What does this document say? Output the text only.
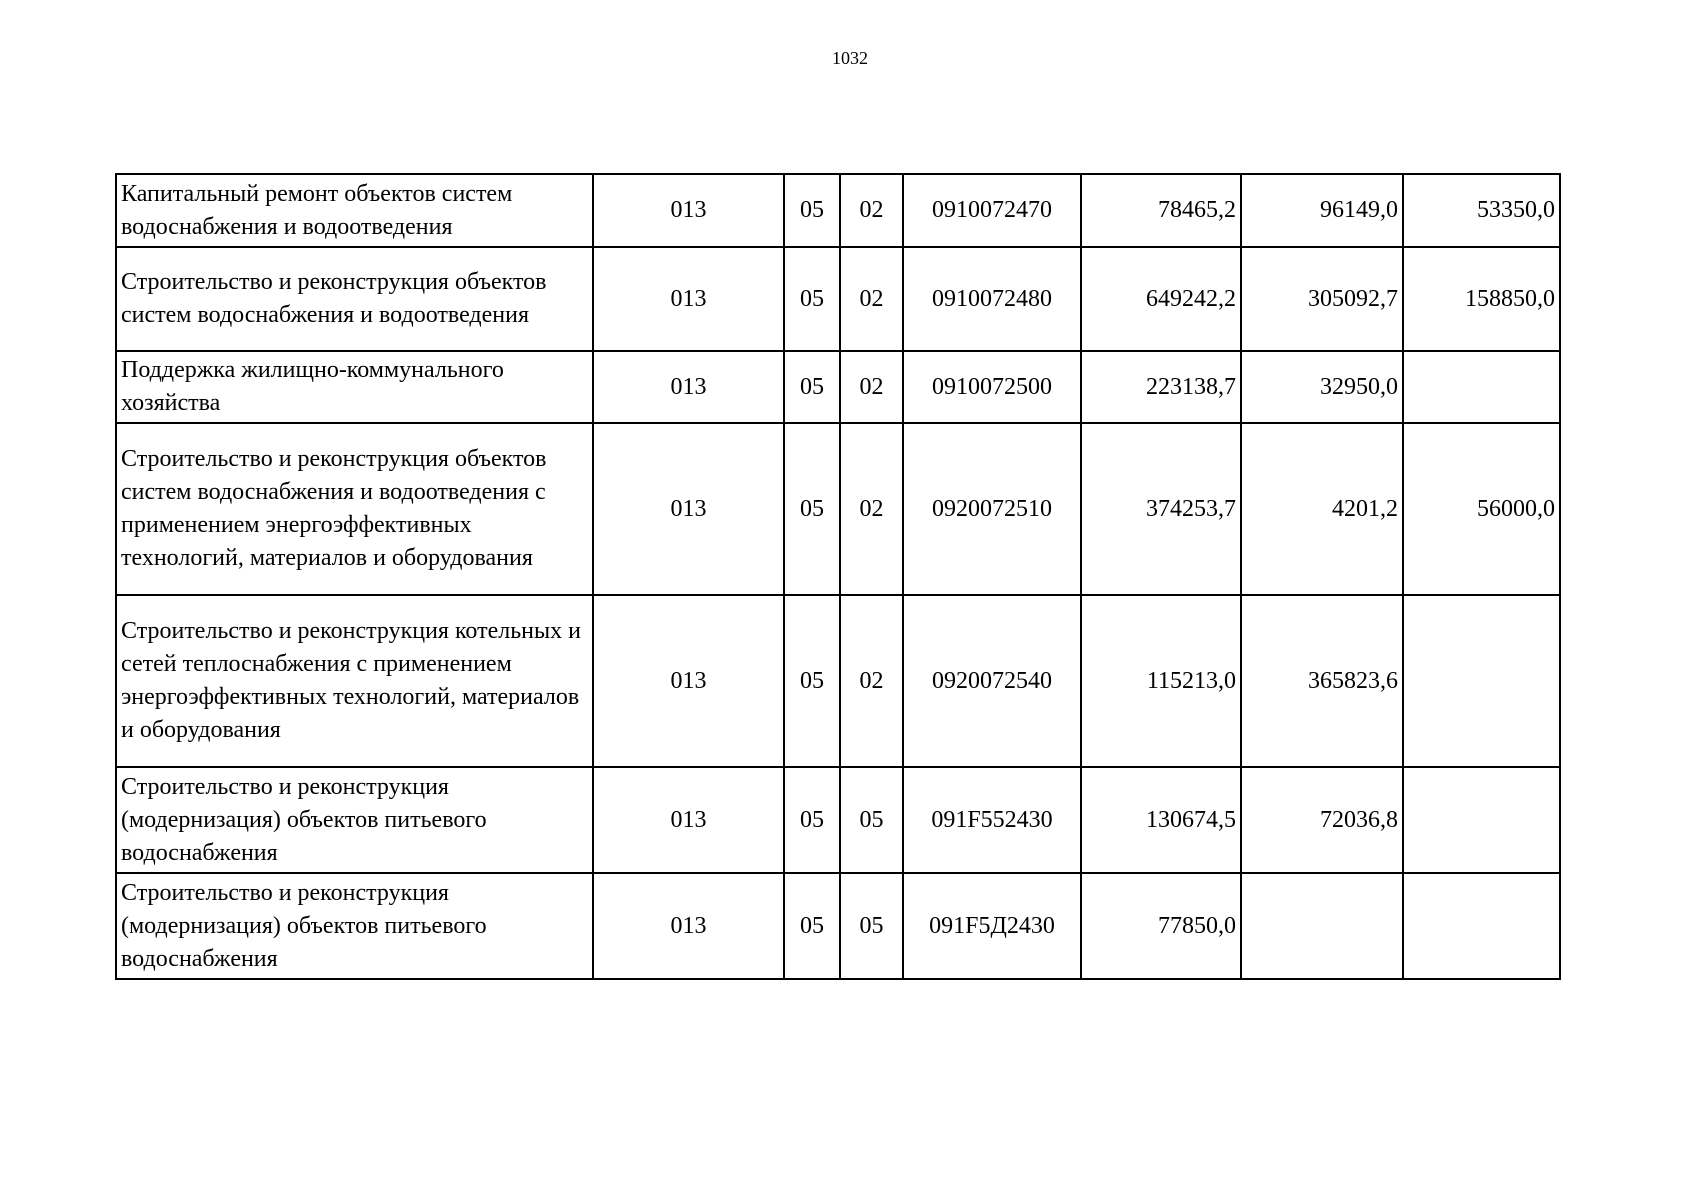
1032
Капитальный ремонт объектов систем водоснабжения и водоотведения	013	05	02	0910072470	78465,2	96149,0	53350,0
Строительство и реконструкция объектов систем водоснабжения и водоотведения	013	05	02	0910072480	649242,2	305092,7	158850,0
Поддержка жилищно-коммунального хозяйства	013	05	02	0910072500	223138,7	32950,0	
Строительство и реконструкция объектов систем водоснабжения и водоотведения с применением энергоэффективных технологий, материалов и оборудования	013	05	02	0920072510	374253,7	4201,2	56000,0
Строительство и реконструкция котельных и сетей теплоснабжения с применением энергоэффективных технологий, материалов и оборудования	013	05	02	0920072540	115213,0	365823,6	
Строительство и реконструкция (модернизация) объектов питьевого водоснабжения	013	05	05	091F552430	130674,5	72036,8	
Строительство и реконструкция (модернизация) объектов питьевого водоснабжения	013	05	05	091F5Д2430	77850,0		
